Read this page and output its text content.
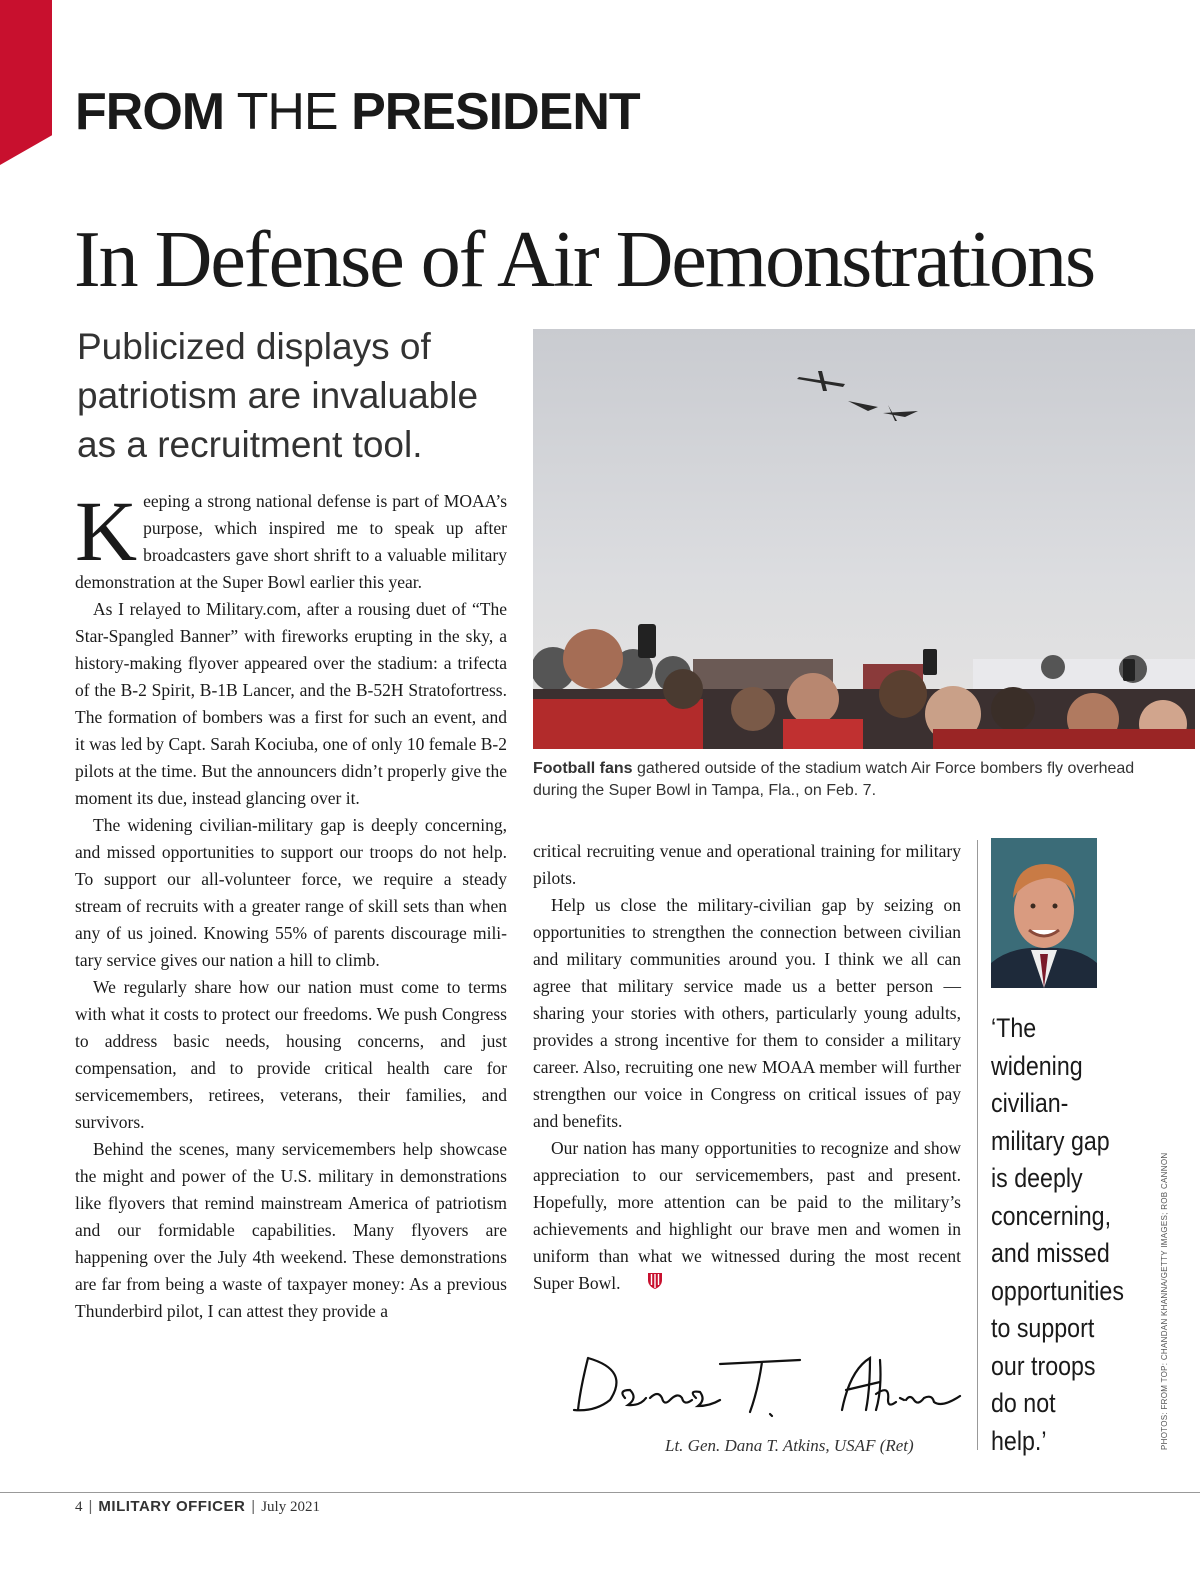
FROM THE PRESIDENT
In Defense of Air Demonstrations
Publicized displays of patriotism are invaluable as a recruitment tool.
Football fans gathered outside of the stadium watch Air Force bombers fly overhead during the Super Bowl in Tampa, Fla., on Feb. 7.

Keeping a strong national defense is part of MOAA’s purpose, which inspired me to speak up after broadcasters gave short shrift to a valuable military demonstration at the Super Bowl earlier this year.

As I relayed to Military.com, after a rousing duet of “The Star-Spangled Banner” with fireworks erupting in the sky, a history-making flyover appeared over the stadium: a trifecta of the B-2 Spirit, B-1B Lancer, and the B-52H Stratofortress. The formation of bombers was a first for such an event, and it was led by Capt. Sarah Kociuba, one of only 10 female B-2 pilots at the time. But the announcers didn’t properly give the moment its due, instead glancing over it.

The widening civilian-military gap is deeply concerning, and missed opportunities to support our troops do not help. To support our all-volunteer force, we require a steady stream of recruits with a greater range of skill sets than when any of us joined. Knowing 55% of parents discourage military service gives our nation a hill to climb.

We regularly share how our nation must come to terms with what it costs to protect our freedoms. We push Congress to address basic needs, housing concerns, and just compensation, and to provide critical health care for servicemembers, retirees, veterans, their families, and survivors.

Behind the scenes, many servicemembers help showcase the might and power of the U.S. military in demonstrations like flyovers that remind mainstream America of patriotism and our formidable capabilities. Many flyovers are happening over the July 4th weekend. These demonstrations are far from being a waste of taxpayer money: As a previous Thunderbird pilot, I can attest they provide a

critical recruiting venue and operational training for military pilots.

Help us close the military-civilian gap by seizing on opportunities to strengthen the connection between civilian and military communities around you. I think we all can agree that military service made us a better person — sharing your stories with others, particularly young adults, provides a strong incentive for them to consider a military career. Also, recruiting one new MOAA member will further strengthen our voice in Congress on critical issues of pay and benefits.

Our nation has many opportunities to recognize and show appreciation to our servicemembers, past and present. Hopefully, more attention can be paid to the military’s achievements and highlight our brave men and women in uniform than what we witnessed during the most recent Super Bowl.

Lt. Gen. Dana T. Atkins, USAF (Ret)
‘The widening civilian-military gap is deeply concerning, and missed opportunities to support our troops do not help.’	PHOTOS: FROM TOP: CHANDAN KHANNA/GETTY IMAGES; ROB CANNON
4 | MILITARY OFFICER | July 2021
